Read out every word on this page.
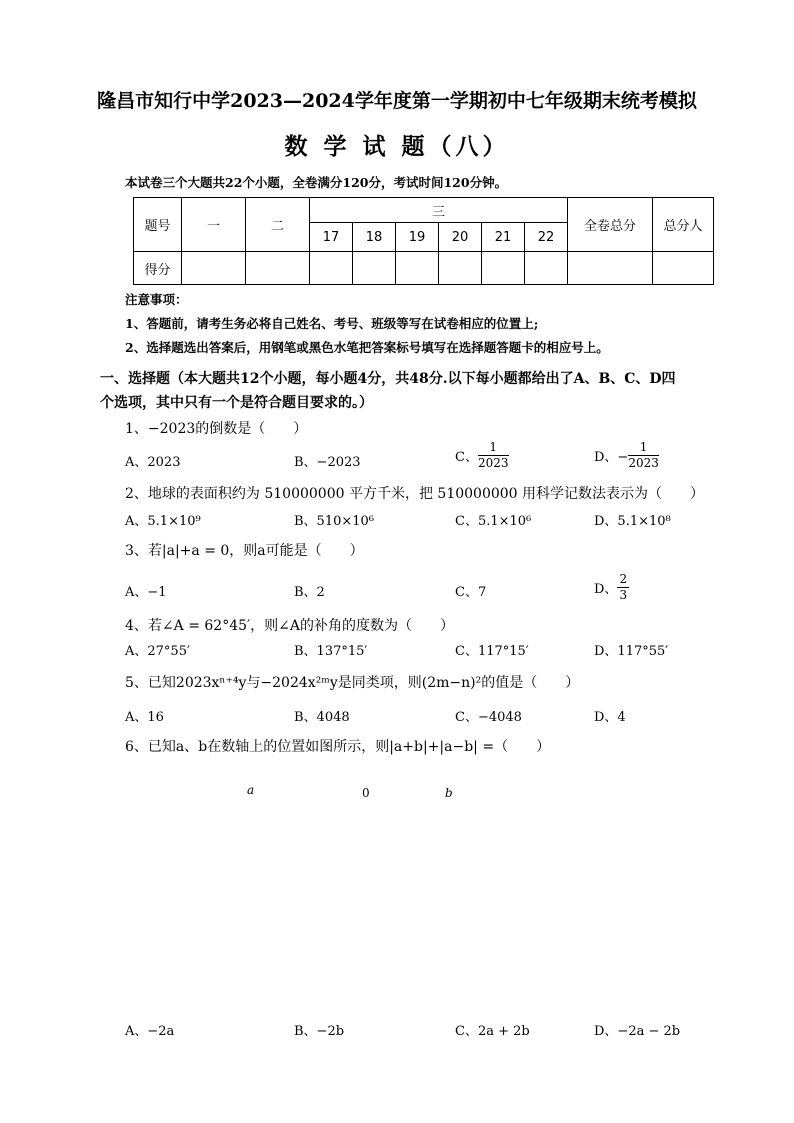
隆昌市知行中学2023—2024学年度第一学期初中七年级期末统考模拟
数 学 试 题（八）
本试卷三个大题共22个小题，全卷满分120分，考试时间120分钟。
题号	一	二	三						全卷总分	总分人
			17	18	19	20	21	22		
得分										
注意事项：
1、答题前，请考生务必将自己姓名、考号、班级等写在试卷相应的位置上;
2、选择题选出答案后，用钢笔或黑色水笔把答案标号填写在选择题答题卡的相应号上。
一、选择题（本大题共12个小题，每小题4分，共48分.以下每小题都给出了A、B、C、D四
个选项，其中只有一个是符合题目要求的。）
1、−2023的倒数是（　　）
A、2023	B、−2023	C、 $\frac{1}{2023}$	D、− $\frac{1}{2023}$
2、地球的表面积约为 510000000 平方千米，把 510000000 用科学记数法表示为（　　）
A、5.1×10⁹	B、510×10⁶	C、5.1×10⁶	D、5.1×10⁸
3、若|a|+a = 0，则a可能是（　　）
A、−1	B、2	C、7	D、 $\frac{2}{3}$
4、若∠A = 62°45′，则∠A的补角的度数为（　　）
A、27°55′	B、137°15′	C、117°15′	D、117°55′
5、已知2023xⁿ⁺⁴y与−2024x²ᵐy是同类项，则(2m−n)²的值是（　　）
A、16	B、4048	C、−4048	D、4
6、已知a、b在数轴上的位置如图所示，则|a+b|+|a−b| =（　　）
a	0	b
A、−2a	B、−2b	C、2a + 2b	D、−2a − 2b
